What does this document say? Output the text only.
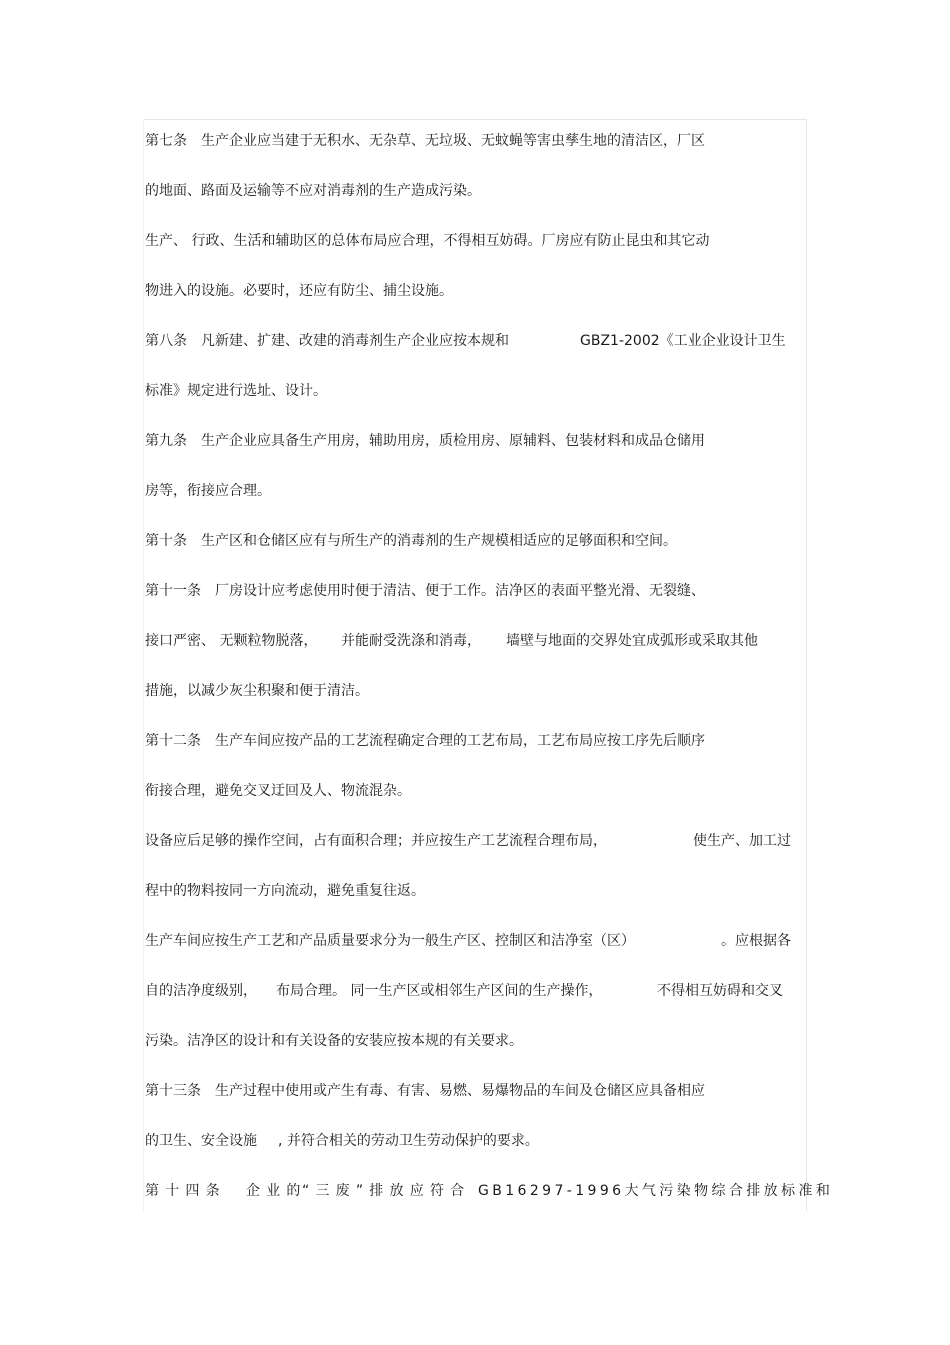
第七条　生产企业应当建于无积水、无杂草、无垃圾、无蚊蝇等害虫孳生地的清洁区，厂区
的地面、路面及运输等不应对消毒剂的生产造成污染。
生产、 行政、生活和辅助区的总体布局应合理，不得相互妨碍。厂房应有防止昆虫和其它动
物进入的设施。必要时，还应有防尘、捕尘设施。

第八条　凡新建、扩建、改建的消毒剂生产企业应按本规和

	GBZ1-2002《工业企业设计卫生

标准》规定进行选址、设计。
第九条　生产企业应具备生产用房，辅助用房，质检用房、原辅料、包装材料和成品仓储用
房等，衔接应合理。
第十条　生产区和仓储区应有与所生产的消毒剂的生产规模相适应的足够面积和空间。
第十一条　厂房设计应考虑使用时便于清洁、便于工作。洁净区的表面平整光滑、无裂缝、

接口严密、 无颗粒物脱落，

并能耐受洗涤和消毒，

墙壁与地面的交界处宜成弧形或采取其他

措施，以减少灰尘积聚和便于清洁。
第十二条　生产车间应按产品的工艺流程确定合理的工艺布局，工艺布局应按工序先后顺序
衔接合理，避免交叉迂回及人、物流混杂。

设备应后足够的操作空间，占有面积合理；并应按生产工艺流程合理布局，

	使生产、加工过

程中的物料按同一方向流动，避免重复往返。

生产车间应按生产工艺和产品质量要求分为一般生产区、控制区和洁净室（区）

	。应根据各

自的洁净度级别，

布局合理。 同一生产区或相邻生产区间的生产操作，

	不得相互妨碍和交叉

污染。洁净区的设计和有关设备的安装应按本规的有关要求。
第十三条　生产过程中使用或产生有毒、有害、易燃、易爆物品的车间及仓储区应具备相应

的卫生、安全设施

, 并符合相关的劳动卫生劳动保护的要求。

第十四条　企业的

“三废”排放应符合

GB16297-1996大气污染物综合排放标准和
